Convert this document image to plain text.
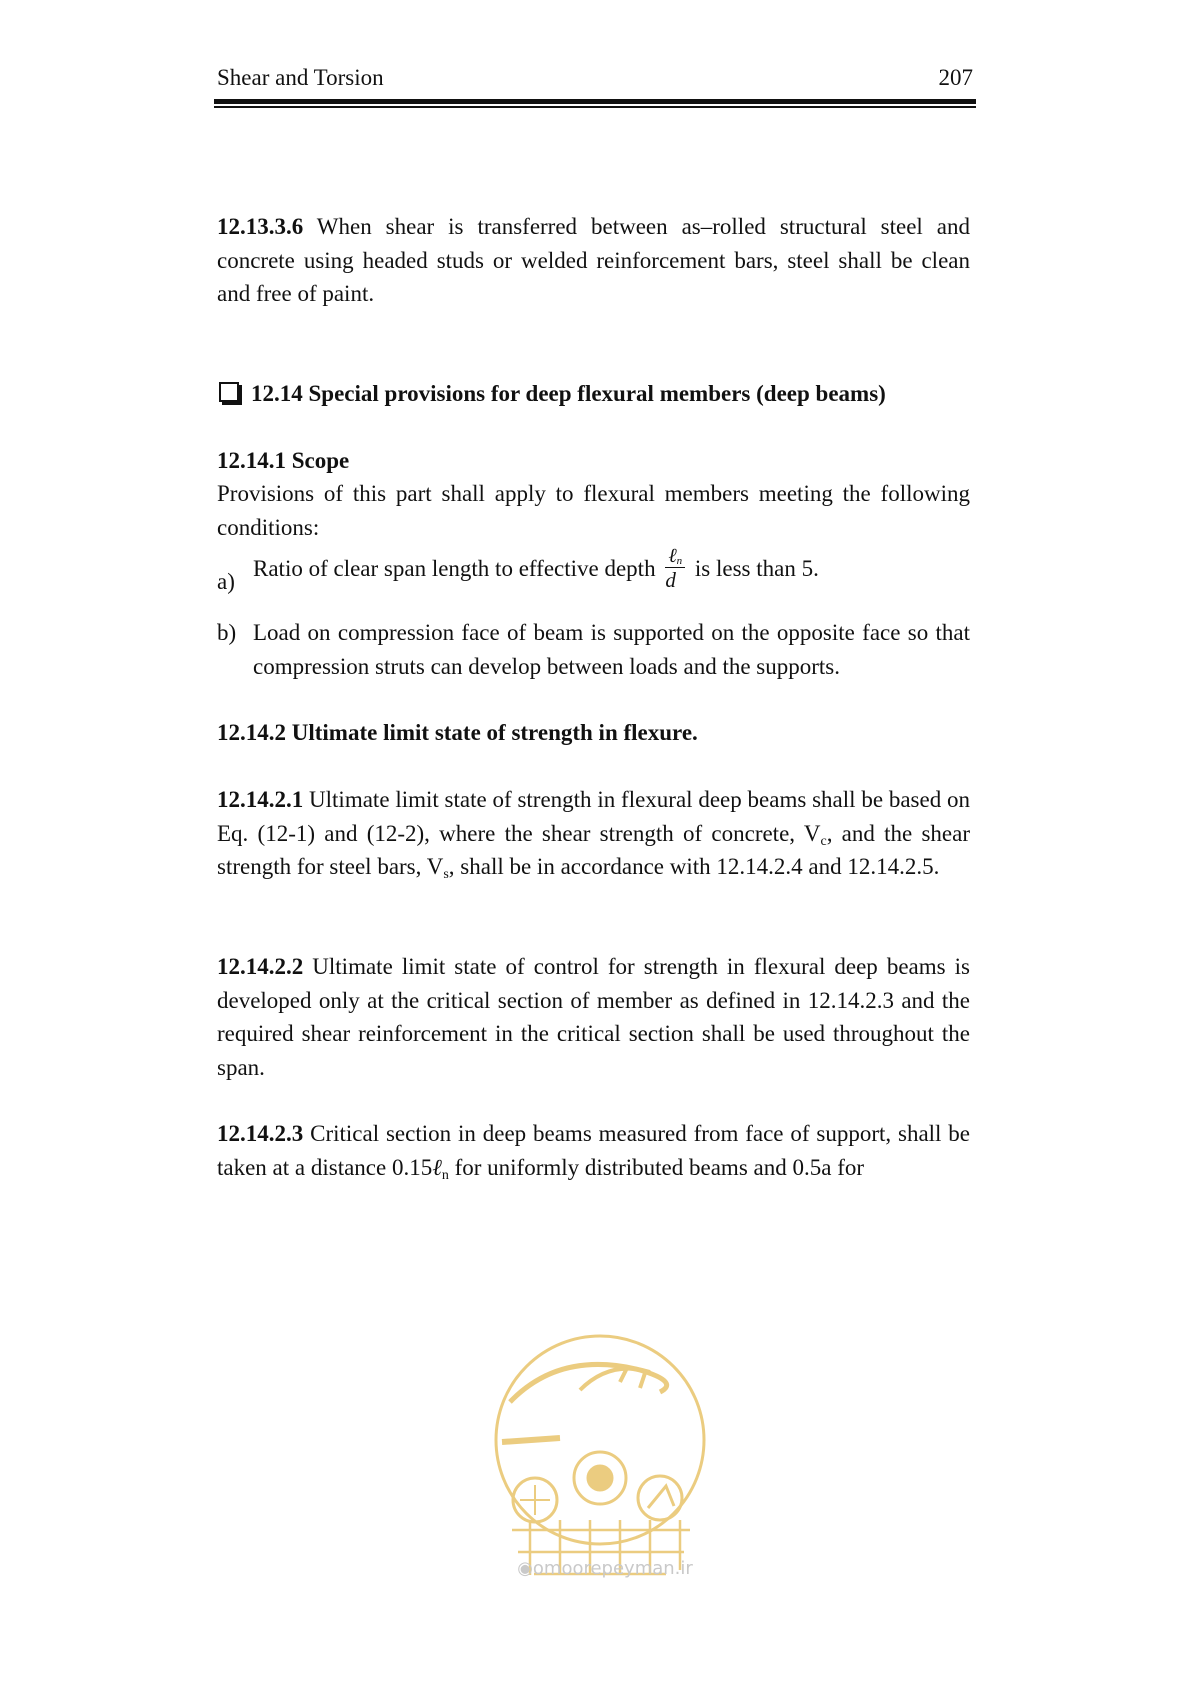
Shear and Torsion	207
12.13.3.6 When shear is transferred between as–rolled structural steel and concrete using headed studs or welded reinforcement bars, steel shall be clean and free of paint.
12.14 Special provisions for deep flexural members (deep beams)
12.14.1 Scope
Provisions of this part shall apply to flexural members meeting the following conditions:
a)
Ratio of clear span length to effective depth $\frac{\ell_n}{d}$ is less than 5.
b) Load on compression face of beam is supported on the opposite face so that compression struts can develop between loads and the supports.
12.14.2 Ultimate limit state of strength in flexure.
12.14.2.1 Ultimate limit state of strength in flexural deep beams shall be based on Eq. (12-1) and (12-2), where the shear strength of concrete, $V_c$, and the shear strength for steel bars, $V_s$, shall be in accordance with 12.14.2.4 and 12.14.2.5.
12.14.2.2 Ultimate limit state of control for strength in flexural deep beams is developed only at the critical section of member as defined in 12.14.2.3 and the required shear reinforcement in the critical section shall be used throughout the span.
12.14.2.3 Critical section in deep beams measured from face of support, shall be taken at a distance 0.15ℓ$_n$ for uniformly distributed beams and 0.5a for
◉omoorepeyman.ir
